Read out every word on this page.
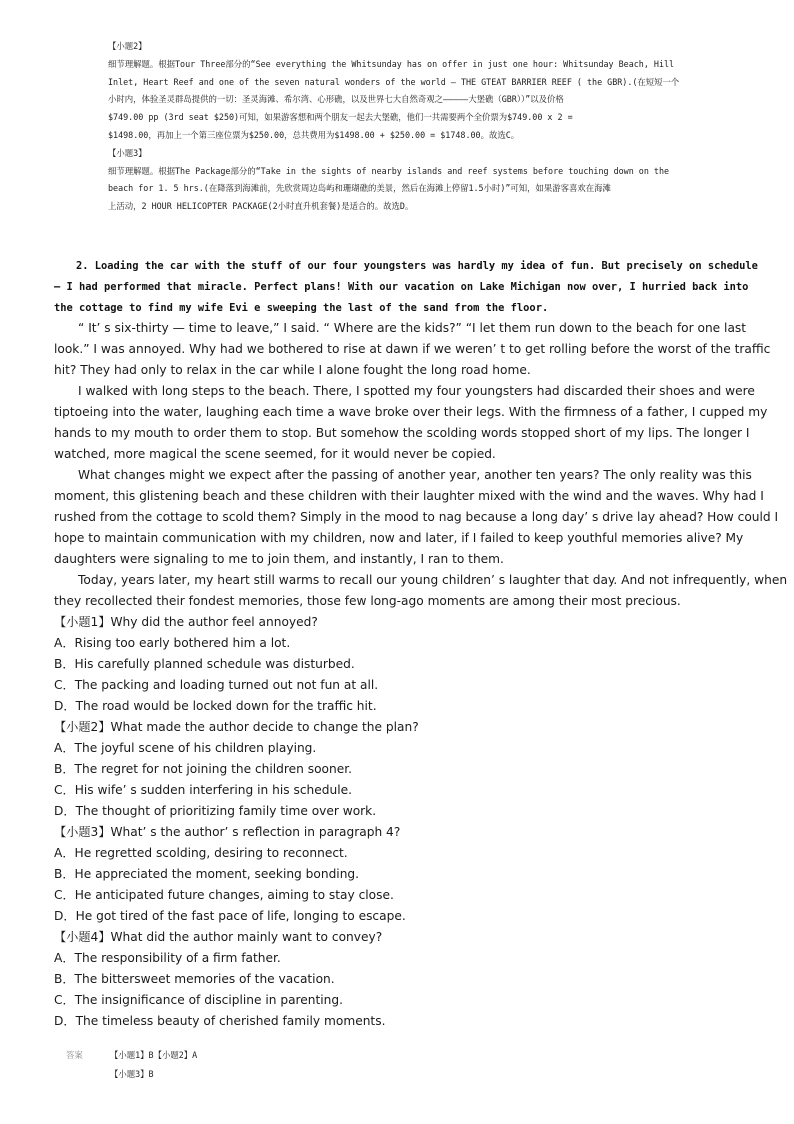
【小题2】
细节理解题。根据Tour Three部分的“See everything the Whitsunday has on offer in just one hour: Whitsunday Beach, Hill
Inlet, Heart Reef and one of the seven natural wonders of the world — THE GTEAT BARRIER REEF ( the GBR).(在短短一个
小时内，体验圣灵群岛提供的一切：圣灵海滩、希尔湾、心形礁，以及世界七大自然奇观之—————大堡礁（GBR））”以及价格
$749.00 pp (3rd seat $250)可知，如果游客想和两个朋友一起去大堡礁，他们一共需要两个全价票为$749.00 x 2 =
$1498.00，再加上一个第三座位票为$250.00，总共费用为$1498.00 + $250.00 = $1748.00。故选C。
【小题3】
细节理解题。根据The Package部分的“Take in the sights of nearby islands and reef systems before touching down on the
beach for 1. 5 hrs.(在降落到海滩前，先欣赏周边岛屿和珊瑚礁的美景，然后在海滩上停留1.5小时)”可知，如果游客喜欢在海滩
上活动，2 HOUR HELICOPTER PACKAGE(2小时直升机套餐)是适合的。故选D。
2. Loading the car with the stuff of our four youngsters was hardly my idea of fun. But precisely on schedule
— I had performed that miracle. Perfect plans! With our vacation on Lake Michigan now over, I hurried back into
the cottage to find my wife Evi e sweeping the last of the sand from the floor.
“ It’ s six-thirty — time to leave,” I said. “ Where are the kids?” “I let them run down to the beach for one last
look.” I was annoyed. Why had we bothered to rise at dawn if we weren’ t to get rolling before the worst of the traffic
hit? They had only to relax in the car while I alone fought the long road home.
I walked with long steps to the beach. There, I spotted my four youngsters had discarded their shoes and were
tiptoeing into the water, laughing each time a wave broke over their legs. With the firmness of a father, I cupped my
hands to my mouth to order them to stop. But somehow the scolding words stopped short of my lips. The longer I
watched, more magical the scene seemed, for it would never be copied.
What changes might we expect after the passing of another year, another ten years? The only reality was this
moment, this glistening beach and these children with their laughter mixed with the wind and the waves. Why had I
rushed from the cottage to scold them? Simply in the mood to nag because a long day’ s drive lay ahead? How could I
hope to maintain communication with my children, now and later, if I failed to keep youthful memories alive? My
daughters were signaling to me to join them, and instantly, I ran to them.
Today, years later, my heart still warms to recall our young children’ s laughter that day. And not infrequently, when
they recollected their fondest memories, those few long-ago moments are among their most precious.
【小题1】Why did the author feel annoyed?
A．Rising too early bothered him a lot.
B．His carefully planned schedule was disturbed.
C．The packing and loading turned out not fun at all.
D．The road would be locked down for the traffic hit.
【小题2】What made the author decide to change the plan?
A．The joyful scene of his children playing.
B．The regret for not joining the children sooner.
C．His wife’ s sudden interfering in his schedule.
D．The thought of prioritizing family time over work.
【小题3】What’ s the author’ s reflection in paragraph 4?
A．He regretted scolding, desiring to reconnect.
B．He appreciated the moment, seeking bonding.
C．He anticipated future changes, aiming to stay close.
D．He got tired of the fast pace of life, longing to escape.
【小题4】What did the author mainly want to convey?
A．The responsibility of a firm father.
B．The bittersweet memories of the vacation.
C．The insignificance of discipline in parenting.
D．The timeless beauty of cherished family moments.
答案	【小题1】B【小题2】A
【小题3】B
